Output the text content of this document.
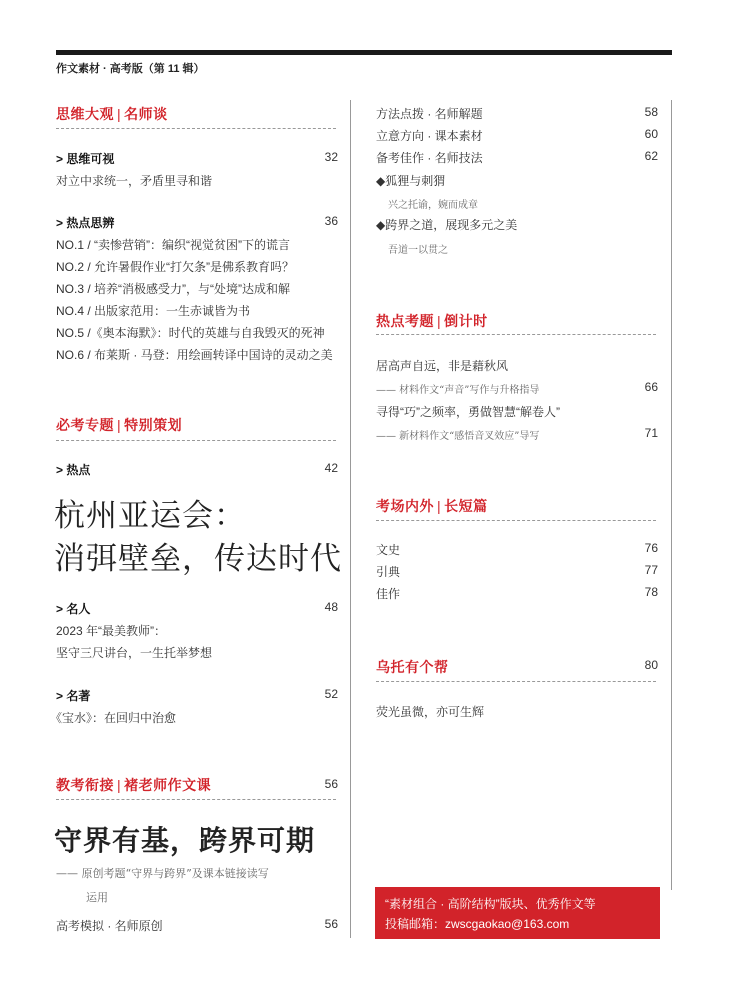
作文素材 · 高考版（第 11 辑）
思维大观 | 名师谈
> 思维可视	32
对立中求统一，矛盾里寻和谐
> 热点思辨	36
NO.1 / “卖惨营销”：编织“视觉贫困”下的谎言
NO.2 / 允许暑假作业“打欠条”是佛系教育吗？
NO.3 / 培养“消极感受力”，与“处境”达成和解
NO.4 / 出版家范用：一生赤诚皆为书
NO.5 /《奥本海默》：时代的英雄与自我毁灭的死神
NO.6 / 布莱斯 · 马登：用绘画转译中国诗的灵动之美
必考专题 | 特别策划
> 热点	42
杭州亚运会：
消弭壁垒，传达时代
> 名人	48
2023 年“最美教师”：
坚守三尺讲台，一生托举梦想
> 名著	52
《宝水》：在回归中治愈
教考衔接 | 褚老师作文课	56
守界有基，跨界可期
—— 原创考题“守界与跨界”及课本链接读写
运用
高考模拟 · 名师原创	56
方法点拨 · 名师解题	58
立意方向 · 课本素材	60
备考佳作 · 名师技法	62
◆狐狸与刺猬
兴之托谕，婉而成章
◆跨界之道，展现多元之美
吾道一以贯之
热点考题 | 倒计时
居高声自远，非是藉秋风
—— 材料作文“声音”写作与升格指导	66
寻得“巧”之频率，勇做智慧“解卷人”
—— 新材料作文“感悟音叉效应”导写	71
考场内外 | 长短篇
文史	76
引典	77
佳作	78
乌托有个帮	80
荧光虽微，亦可生辉
“素材组合 · 高阶结构”版块、优秀作文等
投稿邮箱：zwscgaokao@163.com
